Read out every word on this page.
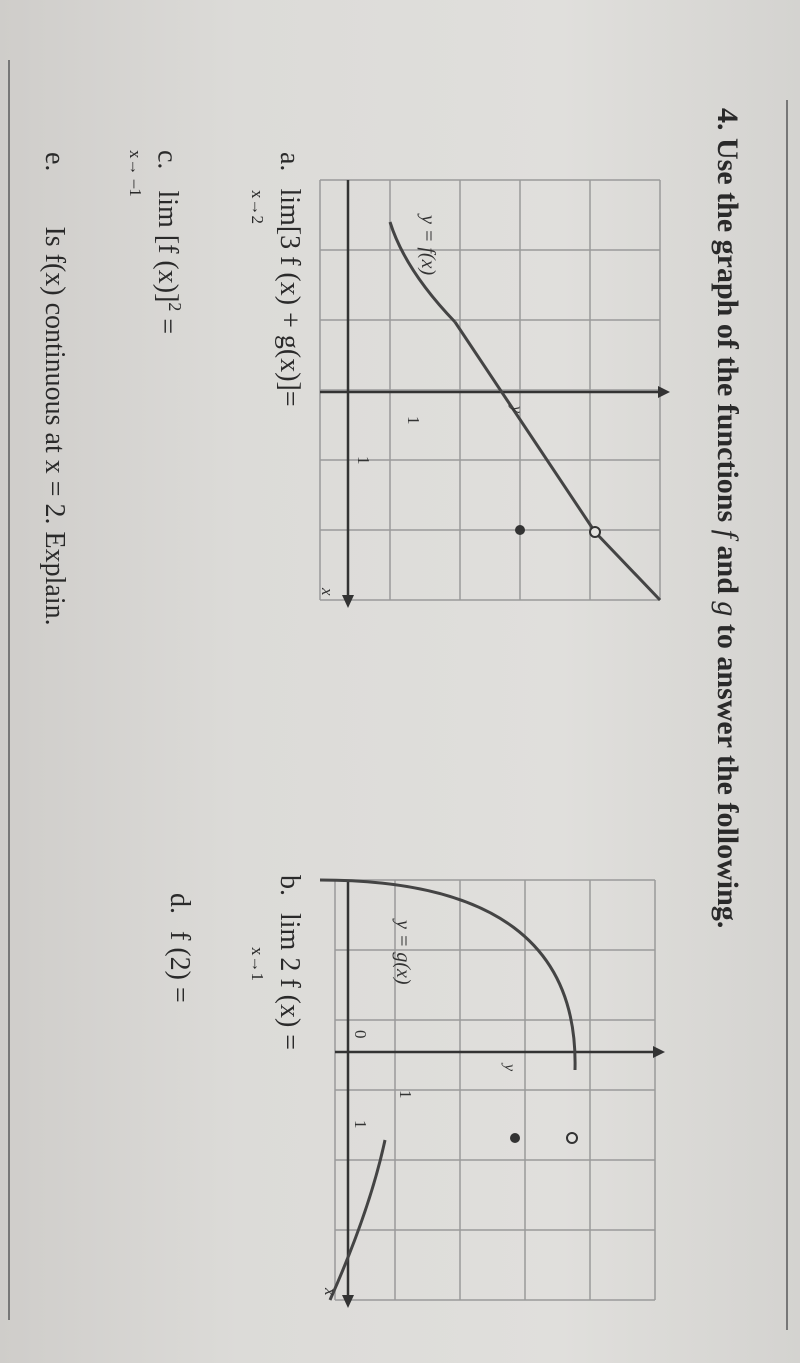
4. Use the graph of the functions f and g to answer the following.
y = f(x)
1
1
y
x
y = g(x)
1
0
1
y
x
a. lim[3 f (x) + g(x)]=
x→2
c. lim [f (x)]$^2$ =
x→ –1
b. lim 2 f (x) =
x→1
d. f (2) =
e. Is f(x) continuous at x = 2. Explain.
